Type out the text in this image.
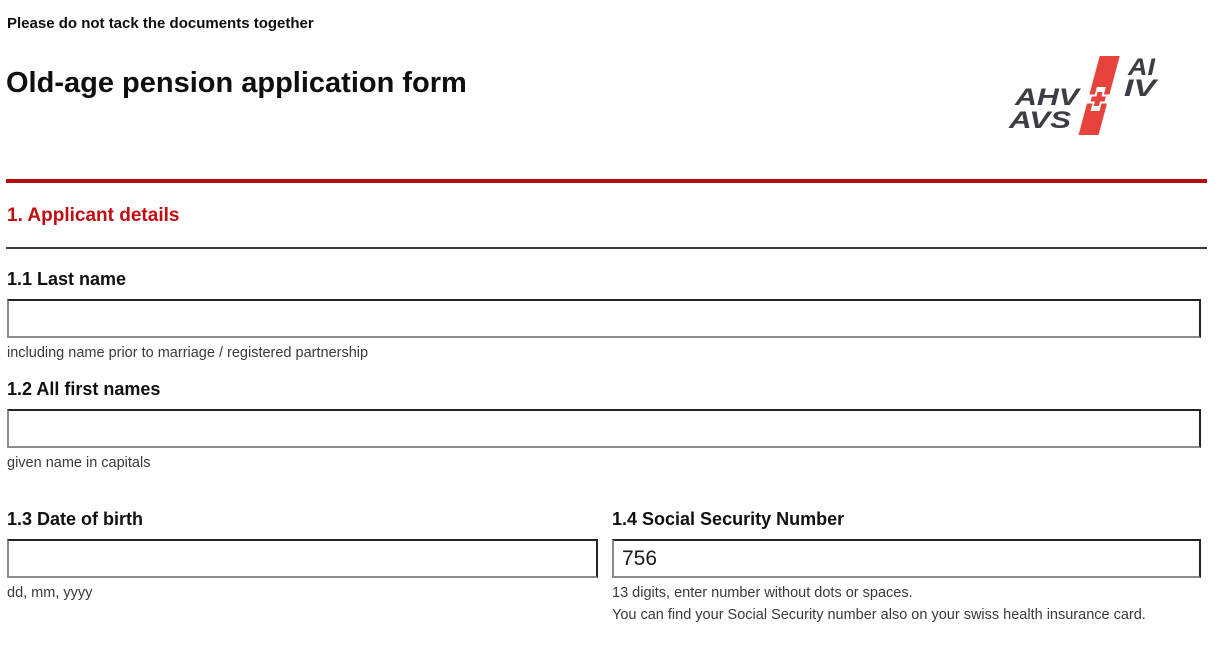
Please do not tack the documents together
Old-age pension application form	AHV
AVS
AI
IV
1. Applicant details
1.1 Last name
including name prior to marriage / registered partnership
1.2 All first names
given name in capitals
1.3 Date of birth
dd, mm, yyyy
1.4 Social Security Number
756
13 digits, enter number without dots or spaces.
You can find your Social Security number also on your swiss health insurance card.
